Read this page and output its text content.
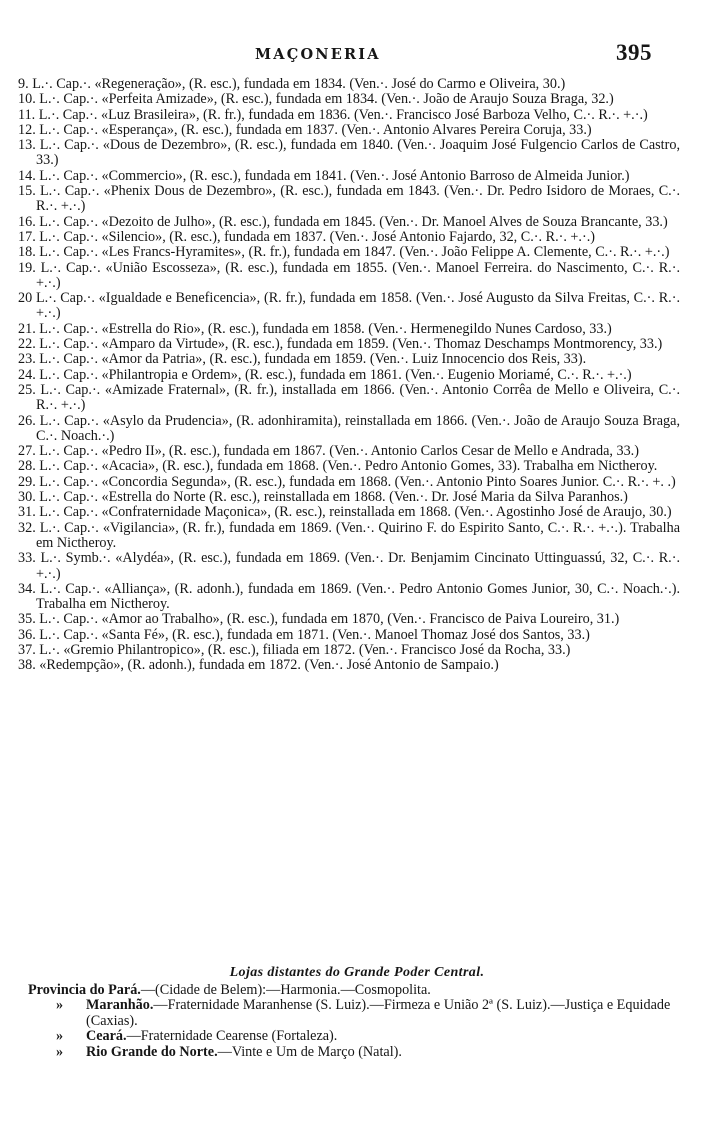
MAÇONERIA	395

9. L.·. Cap.·. «Regeneração», (R. esc.), fundada em 1834. (Ven.·. José do Carmo e Oliveira, 30.)

10. L.·. Cap.·. «Perfeita Amizade», (R. esc.), fundada em 1834. (Ven.·. João de Araujo Souza Braga, 32.)

11. L.·. Cap.·. «Luz Brasileira», (R. fr.), fundada em 1836. (Ven.·. Francisco José Barboza Velho, C.·. R.·. +.·.)

12. L.·. Cap.·. «Esperança», (R. esc.), fundada em 1837. (Ven.·. Antonio Alvares Pereira Coruja, 33.)

13. L.·. Cap.·. «Dous de Dezembro», (R. esc.), fundada em 1840. (Ven.·. Joaquim José Fulgencio Carlos de Castro, 33.)

14. L.·. Cap.·. «Commercio», (R. esc.), fundada em 1841. (Ven.·. José Antonio Barroso de Almeida Junior.)

15. L.·. Cap.·. «Phenix Dous de Dezembro», (R. esc.), fundada em 1843. (Ven.·. Dr. Pedro Isidoro de Moraes, C.·. R.·. +.·.)

16. L.·. Cap.·. «Dezoito de Julho», (R. esc.), fundada em 1845. (Ven.·. Dr. Manoel Alves de Souza Brancante, 33.)

17. L.·. Cap.·. «Silencio», (R. esc.), fundada em 1837. (Ven.·. José Antonio Fajardo, 32, C.·. R.·. +.·.)

18. L.·. Cap.·. «Les Francs-Hyramites», (R. fr.), fundada em 1847. (Ven.·. João Felippe A. Clemente, C.·. R.·. +.·.)

19. L.·. Cap.·. «União Escosseza», (R. esc.), fundada em 1855. (Ven.·. Manoel Ferreira. do Nascimento, C.·. R.·. +.·.)

20 L.·. Cap.·. «Igualdade e Beneficencia», (R. fr.), fundada em 1858. (Ven.·. José Augusto da Silva Freitas, C.·. R.·. +.·.)

21. L.·. Cap.·. «Estrella do Rio», (R. esc.), fundada em 1858. (Ven.·. Hermenegildo Nunes Cardoso, 33.)

22. L.·. Cap.·. «Amparo da Virtude», (R. esc.), fundada em 1859. (Ven.·. Thomaz Deschamps Montmorency, 33.)

23. L.·. Cap.·. «Amor da Patria», (R. esc.), fundada em 1859. (Ven.·. Luiz Innocencio dos Reis, 33).

24. L.·. Cap.·. «Philantropia e Ordem», (R. esc.), fundada em 1861. (Ven.·. Eugenio Moriamé, C.·. R.·. +.·.)

25. L.·. Cap.·. «Amizade Fraternal», (R. fr.), installada em 1866. (Ven.·. Antonio Corrêa de Mello e Oliveira, C.·. R.·. +.·.)

26. L.·. Cap.·. «Asylo da Prudencia», (R. adonhiramita), reinstallada em 1866. (Ven.·. João de Araujo Souza Braga, C.·. Noach.·.)

27. L.·. Cap.·. «Pedro II», (R. esc.), fundada em 1867. (Ven.·. Antonio Carlos Cesar de Mello e Andrada, 33.)

28. L.·. Cap.·. «Acacia», (R. esc.), fundada em 1868. (Ven.·. Pedro Antonio Gomes, 33). Trabalha em Nictheroy.

29. L.·. Cap.·. «Concordia Segunda», (R. esc.), fundada em 1868. (Ven.·. Antonio Pinto Soares Junior. C.·. R.·. +. .)

30. L.·. Cap.·. «Estrella do Norte (R. esc.), reinstallada em 1868. (Ven.·. Dr. José Maria da Silva Paranhos.)

31. L.·. Cap.·. «Confraternidade Maçonica», (R. esc.), reinstallada em 1868. (Ven.·. Agostinho José de Araujo, 30.)

32. L.·. Cap.·. «Vigilancia», (R. fr.), fundada em 1869. (Ven.·. Quirino F. do Espirito Santo, C.·. R.·. +.·.). Trabalha em Nictheroy.

33. L.·. Symb.·. «Alydéa», (R. esc.), fundada em 1869. (Ven.·. Dr. Benjamim Cincinato Uttinguassú, 32, C.·. R.·. +.·.)

34. L.·. Cap.·. «Alliança», (R. adonh.), fundada em 1869. (Ven.·. Pedro Antonio Gomes Junior, 30, C.·. Noach.·.). Trabalha em Nictheroy.

35. L.·. Cap.·. «Amor ao Trabalho», (R. esc.), fundada em 1870, (Ven.·. Francisco de Paiva Loureiro, 31.)

36. L.·. Cap.·. «Santa Fé», (R. esc.), fundada em 1871. (Ven.·. Manoel Thomaz José dos Santos, 33.)

37. L.·. «Gremio Philantropico», (R. esc.), filiada em 1872. (Ven.·. Francisco José da Rocha, 33.)

38. «Redempção», (R. adonh.), fundada em 1872. (Ven.·. José Antonio de Sampaio.)

Lojas distantes do Grande Poder Central.

Provincia do Pará.—(Cidade de Belem):—Harmonia.—Cosmopolita.

» Maranhão.—Fraternidade Maranhense (S. Luiz).—Firmeza e União 2ª (S. Luiz).—Justiça e Equidade (Caxias).

» Ceará.—Fraternidade Cearense (Fortaleza).

» Rio Grande do Norte.—Vinte e Um de Março (Natal).
